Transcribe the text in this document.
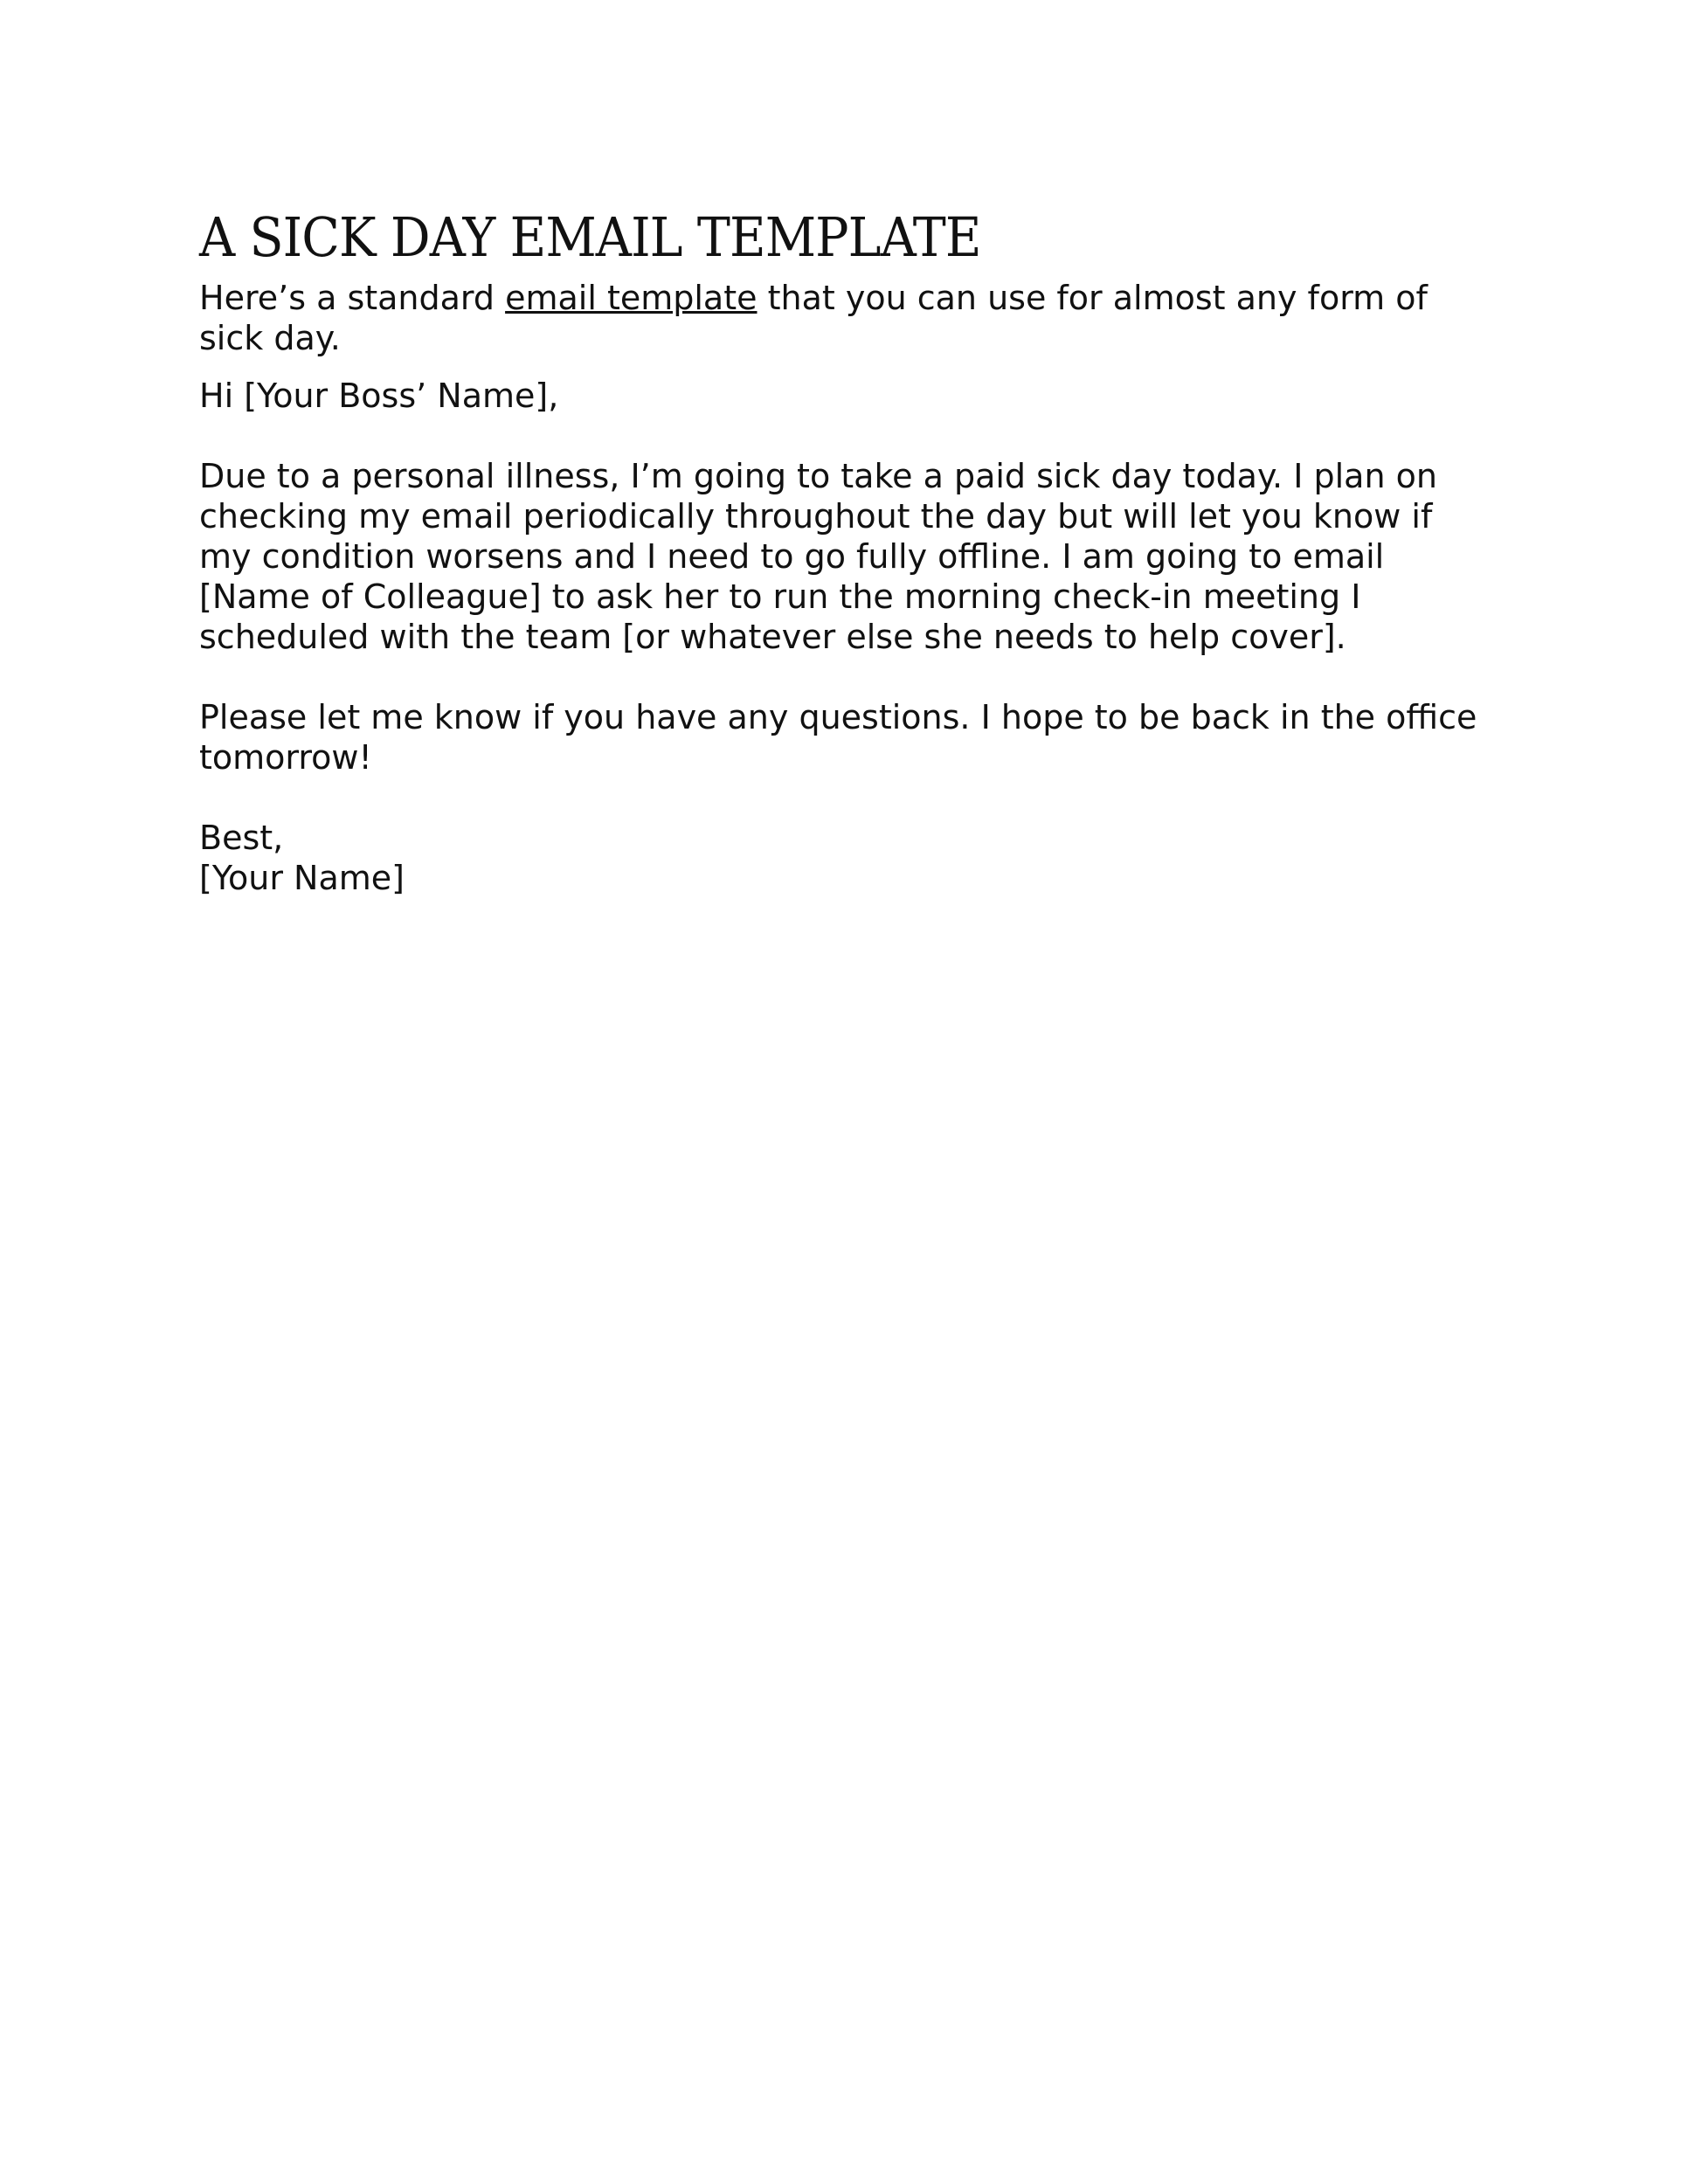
A SICK DAY EMAIL TEMPLATE

Here’s a standard email template that you can use for almost any form of
sick day.

Hi [Your Boss’ Name],

Due to a personal illness, I’m going to take a paid sick day today. I plan on
checking my email periodically throughout the day but will let you know if
my condition worsens and I need to go fully offline. I am going to email
[Name of Colleague] to ask her to run the morning check-in meeting I
scheduled with the team [or whatever else she needs to help cover].

Please let me know if you have any questions. I hope to be back in the office
tomorrow!

Best,
[Your Name]
